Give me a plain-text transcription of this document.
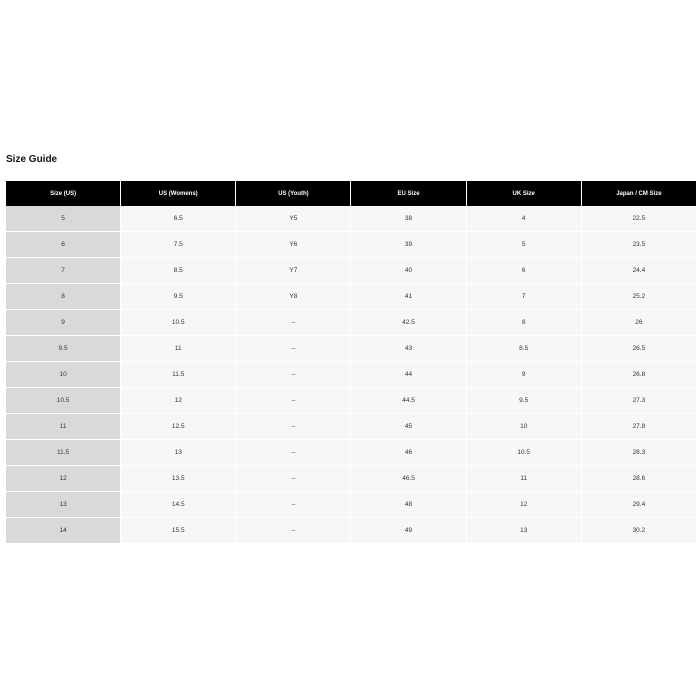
Size Guide
Size (US)	US (Womens)	US (Youth)	EU Size	UK Size	Japan / CM Size
5	6.5	Y5	38	4	22.5
6	7.5	Y6	39	5	23.5
7	8.5	Y7	40	6	24.4
8	9.5	Y8	41	7	25.2
9	10.5	–	42.5	8	26
9.5	11	–	43	8.5	26.5
10	11.5	–	44	9	26.8
10.5	12	–	44.5	9.5	27.3
11	12.5	–	45	10	27.8
11.5	13	–	46	10.5	28.3
12	13.5	–	46.5	11	28.6
13	14.5	–	48	12	29.4
14	15.5	–	49	13	30.2
